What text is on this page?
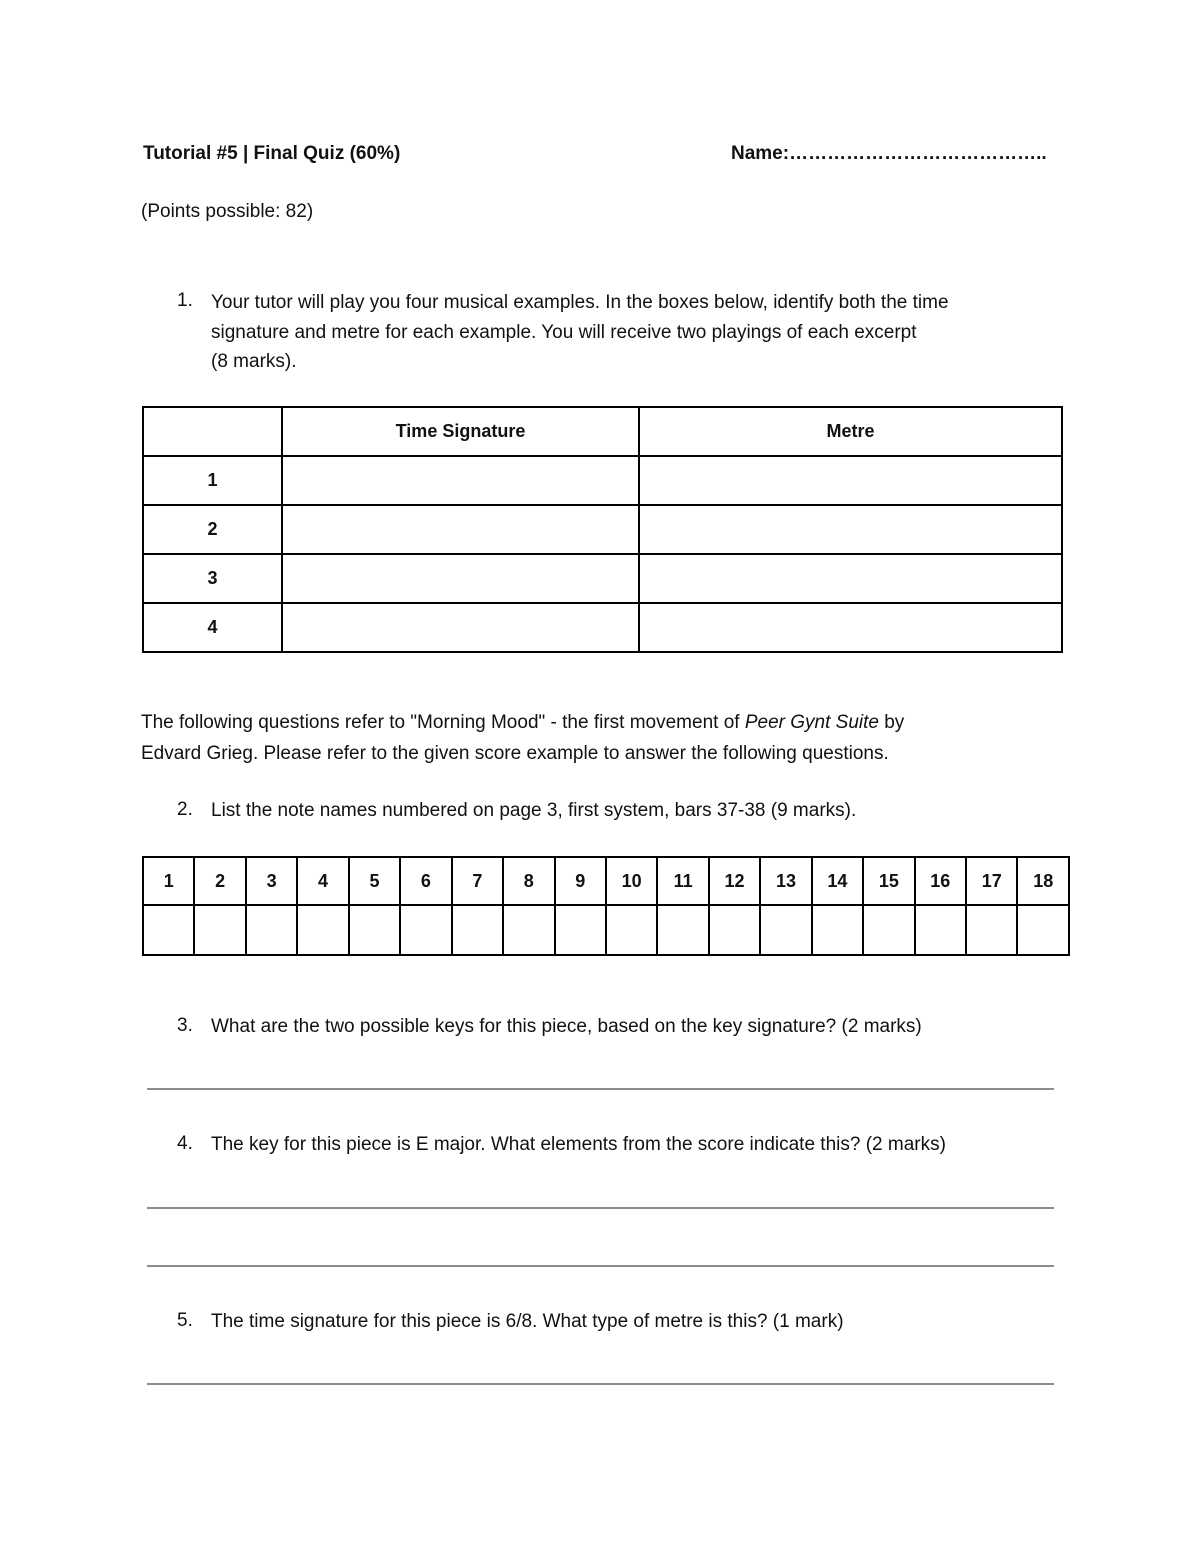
Tutorial #5 | Final Quiz (60%)	Name:…………………………………..
(Points possible: 82)
1. Your tutor will play you four musical examples. In the boxes below, identify both the time
signature and metre for each example. You will receive two playings of each excerpt
(8 marks).
	Time Signature	Metre
1		
2		
3		
4		
The following questions refer to "Morning Mood" - the first movement of Peer Gynt Suite by
Edvard Grieg. Please refer to the given score example to answer the following questions.
2. List the note names numbered on page 3, first system, bars 37-38 (9 marks).
1	2	3	4	5	6	7	8	9	10	11	12	13	14	15	16	17	18

3. What are the two possible keys for this piece, based on the key signature? (2 marks)
4. The key for this piece is E major. What elements from the score indicate this? (2 marks)
5. The time signature for this piece is 6/8. What type of metre is this? (1 mark)
